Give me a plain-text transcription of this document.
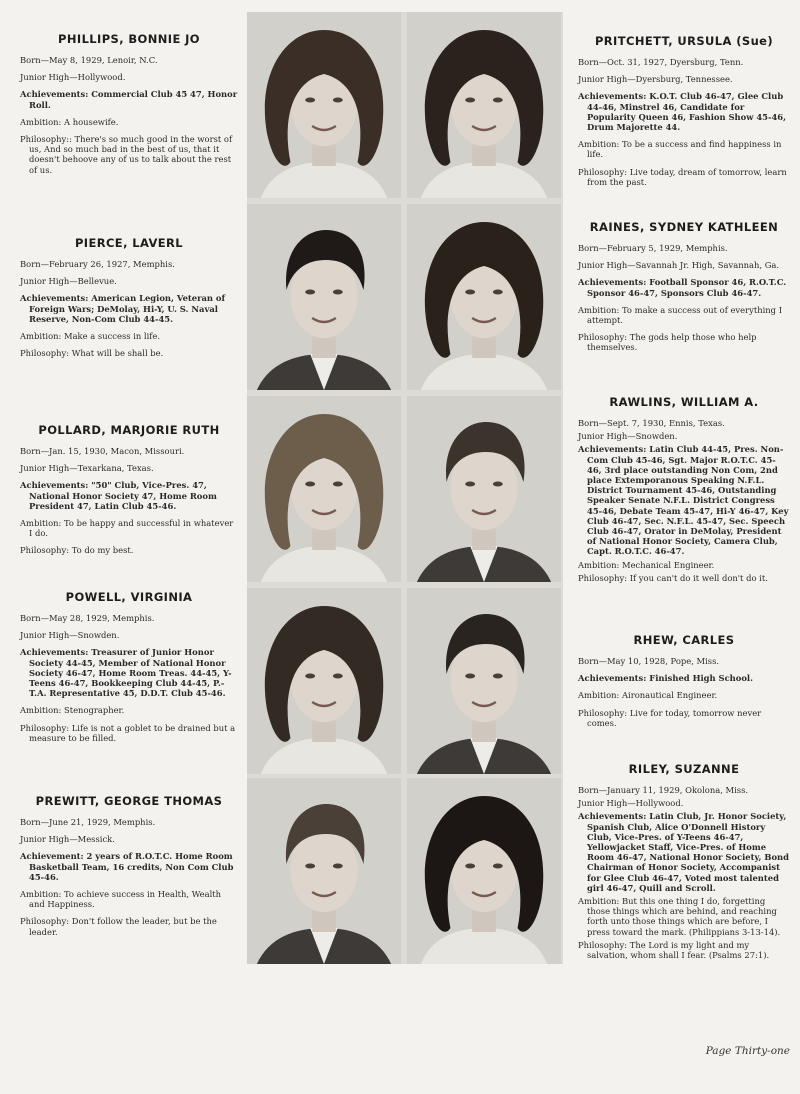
PHILLIPS, BONNIE JO

Born—May 8, 1929, Lenoir, N.C.

Junior High—Hollywood.

Achievements: Commercial Club 45 47, Honor Roll.

Ambition: A housewife.

Philosophy:: There's so much good in the worst of us, And so much bad in the best of us, that it doesn't behoove any of us to talk about the rest of us.

PIERCE, LAVERL

Born—February 26, 1927, Memphis.

Junior High—Bellevue.

Achievements: American Legion, Veteran of Foreign Wars; DeMolay, Hi-Y, U. S. Naval Reserve, Non-Com Club 44-45.

Ambition: Make a success in life.

Philosophy: What will be shall be.

POLLARD, MARJORIE RUTH

Born—Jan. 15, 1930, Macon, Missouri.

Junior High—Texarkana, Texas.

Achievements: "50" Club, Vice-Pres. 47, National Honor Society 47, Home Room President 47, Latin Club 45-46.

Ambition: To be happy and successful in whatever I do.

Philosophy: To do my best.

POWELL, VIRGINIA

Born—May 28, 1929, Memphis.

Junior High—Snowden.

Achievements: Treasurer of Junior Honor Society 44-45, Member of National Honor Society 46-47, Home Room Treas. 44-45, Y-Teens 46-47, Bookkeeping Club 44-45, P.-T.A. Representative 45, D.D.T. Club 45-46.

Ambition: Stenographer.

Philosophy: Life is not a goblet to be drained but a measure to be filled.

PREWITT, GEORGE THOMAS

Born—June 21, 1929, Memphis.

Junior High—Messick.

Achievement: 2 years of R.O.T.C. Home Room Basketball Team, 16 credits, Non Com Club 45-46.

Ambition: To achieve success in Health, Wealth and Happiness.

Philosophy: Don't follow the leader, but be the leader.

PRITCHETT, URSULA (Sue)

Born—Oct. 31, 1927, Dyersburg, Tenn.

Junior High—Dyersburg, Tennessee.

Achievements: K.O.T. Club 46-47, Glee Club 44-46, Minstrel 46, Candidate for Popularity Queen 46, Fashion Show 45-46, Drum Majorette 44.

Ambition: To be a success and find happiness in life.

Philosophy: Live today, dream of tomorrow, learn from the past.

RAINES, SYDNEY KATHLEEN

Born—February 5, 1929, Memphis.

Junior High—Savannah Jr. High, Savannah, Ga.

Achievements: Football Sponsor 46, R.O.T.C. Sponsor 46-47, Sponsors Club 46-47.

Ambition: To make a success out of everything I attempt.

Philosophy: The gods help those who help themselves.

RAWLINS, WILLIAM A.

Born—Sept. 7, 1930, Ennis, Texas.

Junior High—Snowden.

Achievements: Latin Club 44-45, Pres. Non-Com Club 45-46, Sgt. Major R.O.T.C. 45-46, 3rd place outstanding Non Com, 2nd place Extemporanous Speaking N.F.L. District Tournament 45-46, Outstanding Speaker Senate N.F.L. District Congress 45-46, Debate Team 45-47, Hi-Y 46-47, Key Club 46-47, Sec. N.F.L. 45-47, Sec. Speech Club 46-47, Orator in DeMolay, President of National Honor Society, Camera Club, Capt. R.O.T.C. 46-47.

Ambition: Mechanical Engineer.

Philosophy: If you can't do it well don't do it.

RHEW, CARLES

Born—May 10, 1928, Pope, Miss.

Achievements: Finished High School.

Ambition: Aironautical Engineer.

Philosophy: Live for today, tomorrow never comes.

RILEY, SUZANNE

Born—January 11, 1929, Okolona, Miss.

Junior High—Hollywood.

Achievements: Latin Club, Jr. Honor Society, Spanish Club, Alice O'Donnell History Club, Vice-Pres. of Y-Teens 46-47, Yellowjacket Staff, Vice-Pres. of Home Room 46-47, National Honor Society, Bond Chairman of Honor Society, Accompanist for Glee Club 46-47, Voted most talented girl 46-47, Quill and Scroll.

Ambition: But this one thing I do, forgetting those things which are behind, and reaching forth unto those things which are before, I press toward the mark. (Philippians 3-13-14).

Philosophy: The Lord is my light and my salvation, whom shall I fear. (Psalms 27:1).

Page Thirty-one
